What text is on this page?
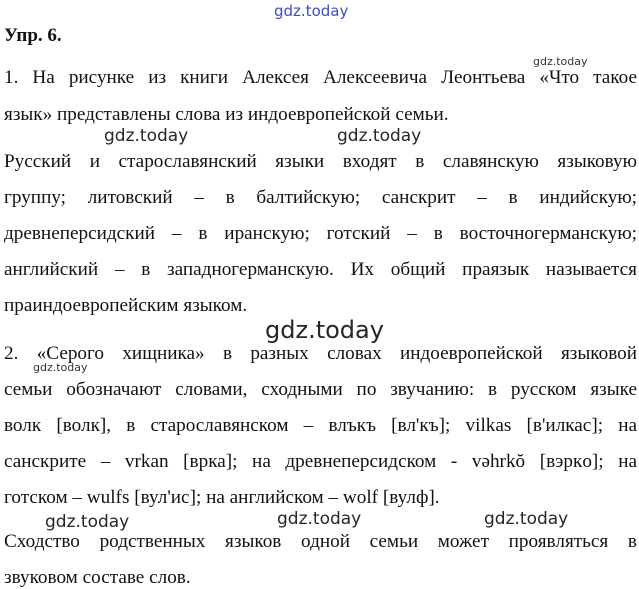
gdz.today
Упр. 6.
gdz.today
1. На рисунке из книги Алексея Алексеевича Леонтьева «Что такое
язык» представлены слова из индоевропейской семьи.
gdz.today	gdz.today
Русский и старославянский языки входят в славянскую языковую
группу; литовский – в балтийскую; санскрит – в индийскую;
древнеперсидский – в иранскую; готский – в восточногерманскую;
английский – в западногерманскую. Их общий праязык называется
праиндоевропейским языком.
gdz.today
2. «Серого хищника» в разных словах индоевропейской языковой
gdz.today
семьи обозначают словами, сходными по звучанию: в русском языке
волк [волк], в старославянском – влъкъ [вл'къ]; vilkas [в'илкас]; на
санскрите – vrkan [врка]; на древнеперсидском - vəhrkŏ [вэркo]; на
готском – wulfs [вул'ис]; на английском – wolf [вулф].
gdz.today	gdz.today	gdz.today
Сходство родственных языков одной семьи может проявляться в
звуковом составе слов.
